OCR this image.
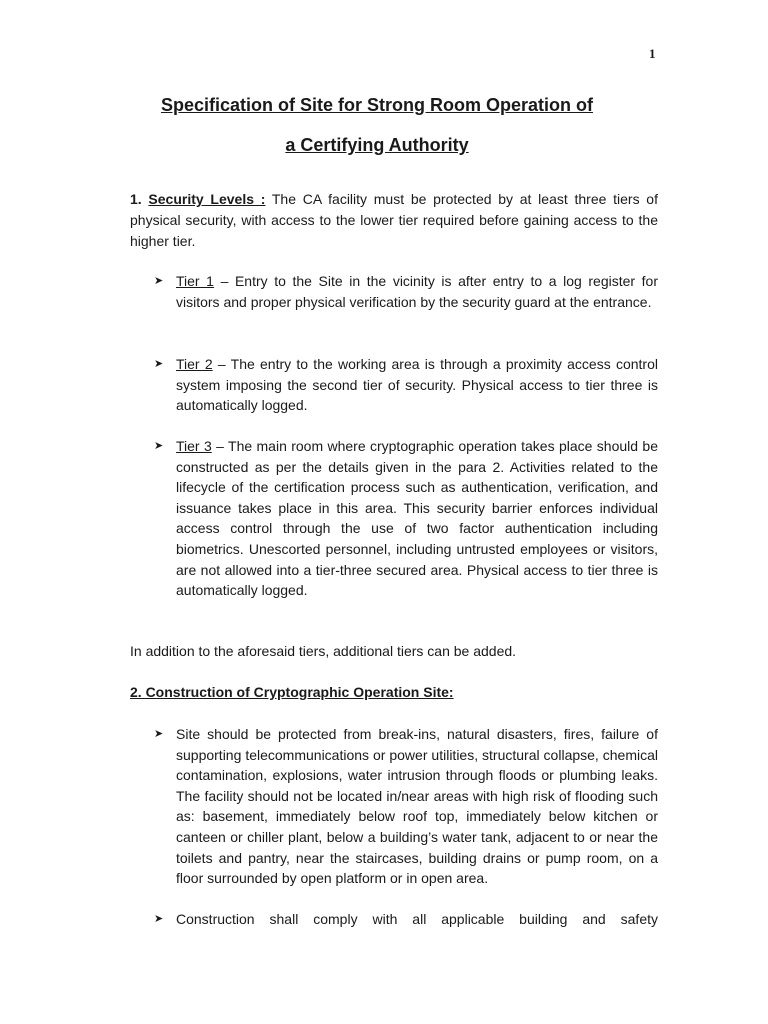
1
Specification of Site for Strong Room Operation of
a Certifying Authority

1. Security Levels : The CA facility must be protected by at least three tiers of physical security, with access to the lower tier required before gaining access to the higher tier.

➤ Tier 1 – Entry to the Site in the vicinity is after entry to a log register for visitors and proper physical verification by the security guard at the entrance.
➤ Tier 2 – The entry to the working area is through a proximity access control system imposing the second tier of security. Physical access to tier three is automatically logged.
➤ Tier 3 – The main room where cryptographic operation takes place should be constructed as per the details given in the para 2. Activities related to the lifecycle of the certification process such as authentication, verification, and issuance takes place in this area. This security barrier enforces individual access control through the use of two factor authentication including biometrics. Unescorted personnel, including untrusted employees or visitors, are not allowed into a tier-three secured area. Physical access to tier three is automatically logged.

In addition to the aforesaid tiers, additional tiers can be added.

2. Construction of Cryptographic Operation Site:

➤ Site should be protected from break-ins, natural disasters, fires, failure of supporting telecommunications or power utilities, structural collapse, chemical contamination, explosions, water intrusion through floods or plumbing leaks. The facility should not be located in/near areas with high risk of flooding such as: basement, immediately below roof top, immediately below kitchen or canteen or chiller plant, below a building’s water tank, adjacent to or near the toilets and pantry, near the staircases, building drains or pump room, on a floor surrounded by open platform or in open area.
➤ Construction shall comply with all applicable building and safety
